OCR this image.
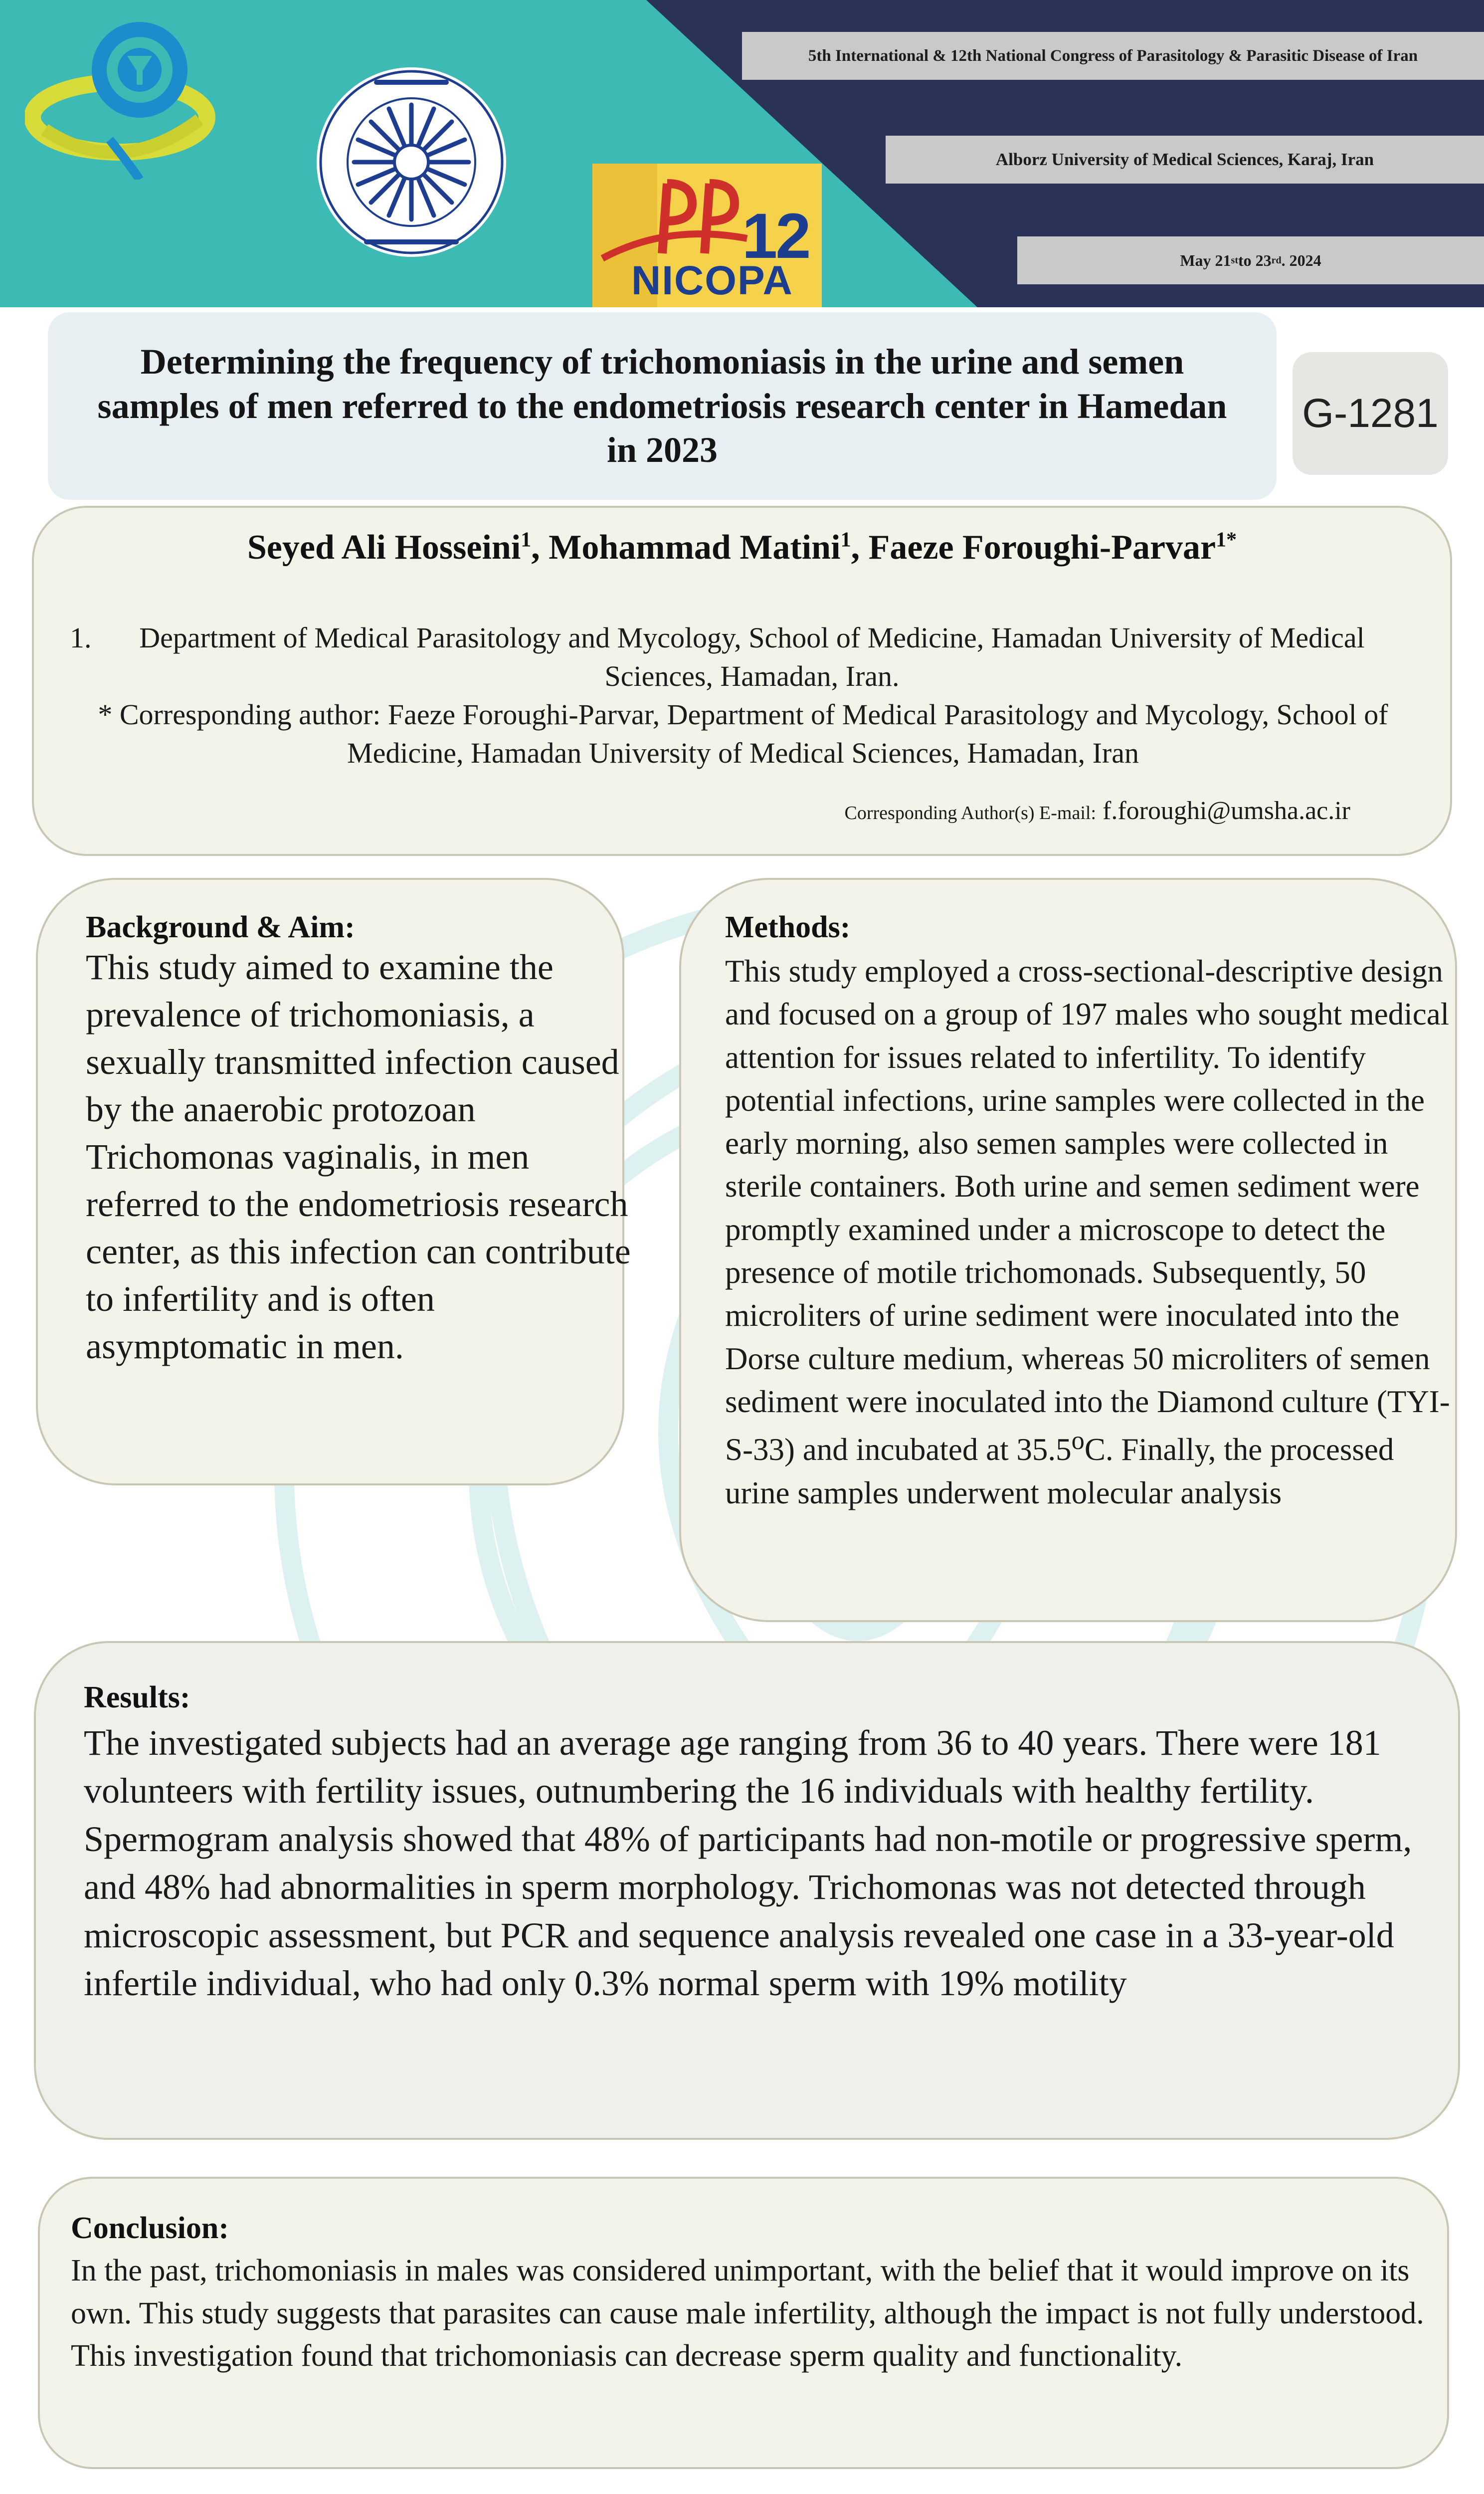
12
NICOPA
5th International & 12th National Congress of Parasitology & Parasitic Disease of Iran
Alborz University of Medical Sciences, Karaj, Iran
May 21 st to 23 rd . 2024
Determining the frequency of trichomoniasis in the urine and semen samples of men referred to the endometriosis research center in Hamedan in 2023
G-1281
Seyed Ali Hosseini$^1$, Mohammad Matini$^1$, Faeze Foroughi-Parvar$^{1*}$
1.	Department of Medical Parasitology and Mycology, School of Medicine, Hamadan University of Medical Sciences, Hamadan, Iran.
* Corresponding author: Faeze Foroughi-Parvar, Department of Medical Parasitology and Mycology, School of Medicine, Hamadan University of Medical Sciences, Hamadan, Iran
Corresponding Author(s) E-mail: f.foroughi@umsha.ac.ir
Background & Aim:
This study aimed to examine the prevalence of trichomoniasis, a sexually transmitted infection caused by the anaerobic protozoan Trichomonas vaginalis, in men referred to the endometriosis research center, as this infection can contribute to infertility and is often asymptomatic in men.
Methods:
This study employed a cross-sectional-descriptive design and focused on a group of 197 males who sought medical attention for issues related to infertility. To identify potential infections, urine samples were collected in the early morning, also semen samples were collected in sterile containers. Both urine and semen sediment were promptly examined under a microscope to detect the presence of motile trichomonads. Subsequently, 50 microliters of urine sediment were inoculated into the Dorse culture medium, whereas 50 microliters of semen sediment were inoculated into the Diamond culture (TYI-S-33) and incubated at 35.5$^o$C. Finally, the processed urine samples underwent molecular analysis
Results:
The investigated subjects had an average age ranging from 36 to 40 years. There were 181 volunteers with fertility issues, outnumbering the 16 individuals with healthy fertility. Spermogram analysis showed that 48% of participants had non-motile or progressive sperm, and 48% had abnormalities in sperm morphology. Trichomonas was not detected through microscopic assessment, but PCR and sequence analysis revealed one case in a 33-year-old infertile individual, who had only 0.3% normal sperm with 19% motility
Conclusion:
In the past, trichomoniasis in males was considered unimportant, with the belief that it would improve on its own. This study suggests that parasites can cause male infertility, although the impact is not fully understood. This investigation found that trichomoniasis can decrease sperm quality and functionality.
